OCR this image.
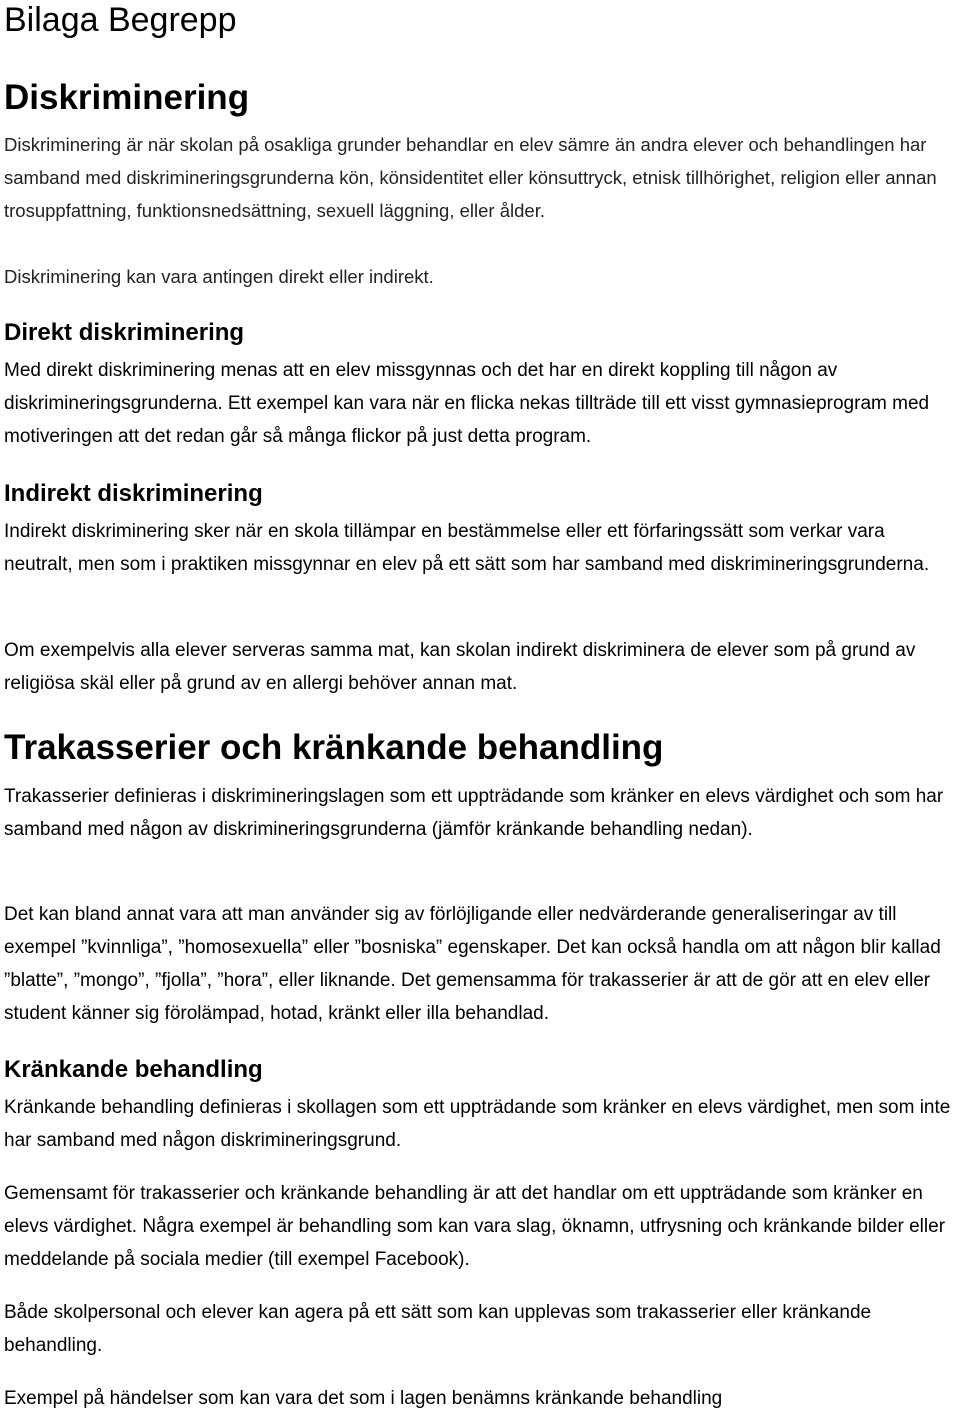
Bilaga Begrepp
Diskriminering

Diskriminering är när skolan på osakliga grunder behandlar en elev sämre än andra elever och behandlingen har samband med diskrimineringsgrunderna kön, könsidentitet eller könsuttryck, etnisk tillhörighet, religion eller annan trosuppfattning, funktionsnedsättning, sexuell läggning, eller ålder.

Diskriminering kan vara antingen direkt eller indirekt.

Direkt diskriminering

Med direkt diskriminering menas att en elev missgynnas och det har en direkt koppling till någon av diskrimineringsgrunderna. Ett exempel kan vara när en flicka nekas tillträde till ett visst gymnasieprogram med motiveringen att det redan går så många flickor på just detta program.

Indirekt diskriminering

Indirekt diskriminering sker när en skola tillämpar en bestämmelse eller ett förfaringssätt som verkar vara neutralt, men som i praktiken missgynnar en elev på ett sätt som har samband med diskrimineringsgrunderna.

Om exempelvis alla elever serveras samma mat, kan skolan indirekt diskriminera de elever som på grund av religiösa skäl eller på grund av en allergi behöver annan mat.

Trakasserier och kränkande behandling

Trakasserier definieras i diskrimineringslagen som ett uppträdande som kränker en elevs värdighet och som har samband med någon av diskrimineringsgrunderna (jämför kränkande behandling nedan).

Det kan bland annat vara att man använder sig av förlöjligande eller nedvärderande generaliseringar av till exempel ”kvinnliga”, ”homosexuella” eller ”bosniska” egenskaper. Det kan också handla om att någon blir kallad ”blatte”, ”mongo”, ”fjolla”, ”hora”, eller liknande. Det gemensamma för trakasserier är att de gör att en elev eller student känner sig förolämpad, hotad, kränkt eller illa behandlad.

Kränkande behandling

Kränkande behandling definieras i skollagen som ett uppträdande som kränker en elevs värdighet, men som inte har samband med någon diskrimineringsgrund.

Gemensamt för trakasserier och kränkande behandling är att det handlar om ett uppträdande som kränker en elevs värdighet. Några exempel är behandling som kan vara slag, öknamn, utfrysning och kränkande bilder eller meddelande på sociala medier (till exempel Facebook).

Både skolpersonal och elever kan agera på ett sätt som kan upplevas som trakasserier eller kränkande behandling.

Exempel på händelser som kan vara det som i lagen benämns kränkande behandling
